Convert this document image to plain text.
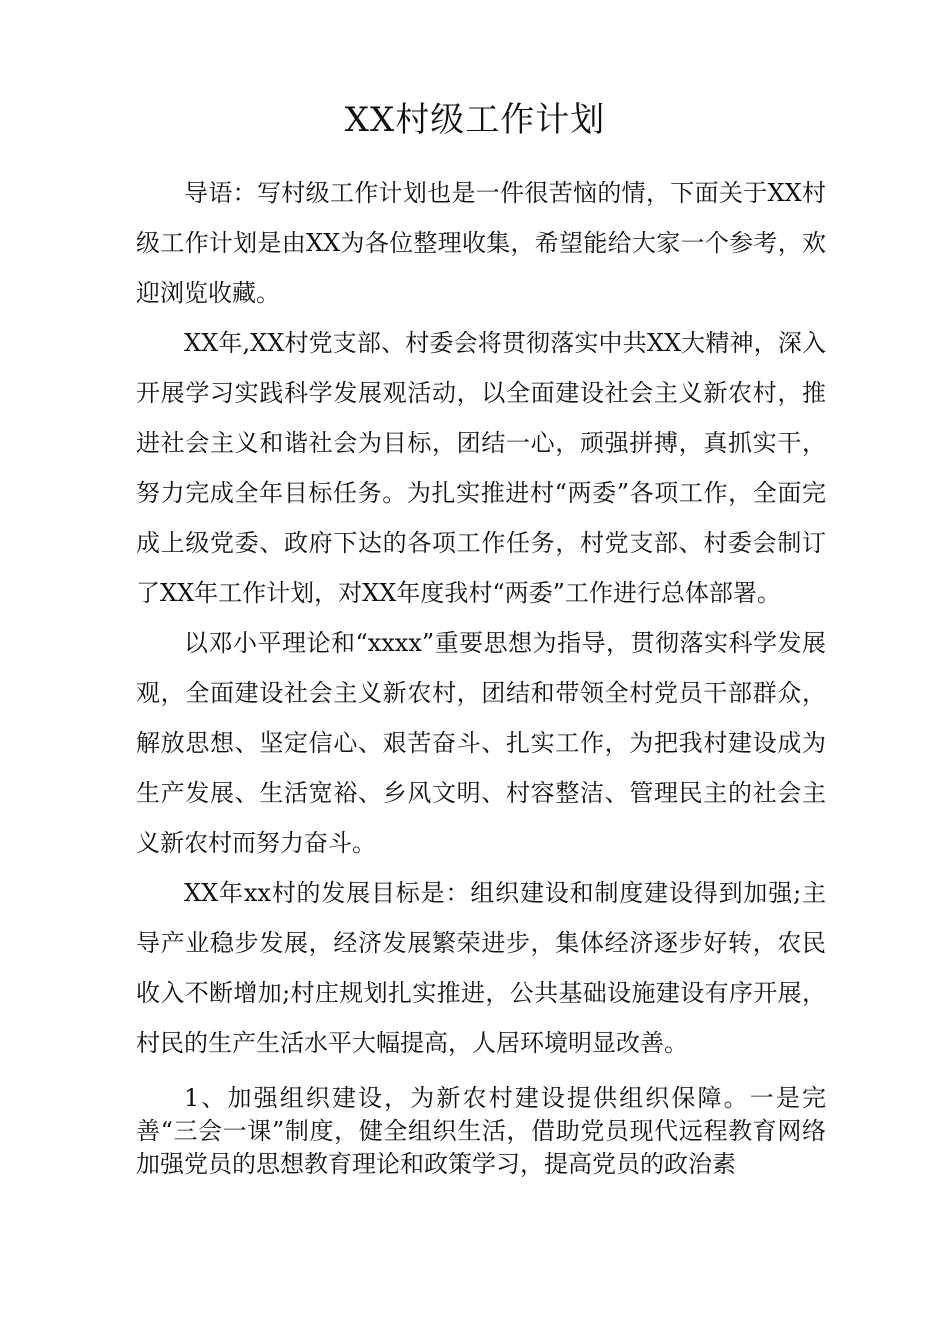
XX村级工作计划

导语：写村级工作计划也是一件很苦恼的情，下面关于XX村级工作计划是由XX为各位整理收集，希望能给大家一个参考，欢迎浏览收藏。

XX年,XX村党支部、村委会将贯彻落实中共XX大精神，深入开展学习实践科学发展观活动，以全面建设社会主义新农村，推进社会主义和谐社会为目标，团结一心，顽强拼搏，真抓实干，努力完成全年目标任务。为扎实推进村“两委”各项工作，全面完成上级党委、政府下达的各项工作任务，村党支部、村委会制订了XX年工作计划，对XX年度我村“两委”工作进行总体部署。

以邓小平理论和“xxxx”重要思想为指导，贯彻落实科学发展观，全面建设社会主义新农村，团结和带领全村党员干部群众，解放思想、坚定信心、艰苦奋斗、扎实工作，为把我村建设成为生产发展、生活宽裕、乡风文明、村容整洁、管理民主的社会主义新农村而努力奋斗。

XX年xx村的发展目标是：组织建设和制度建设得到加强;主导产业稳步发展，经济发展繁荣进步，集体经济逐步好转，农民收入不断增加;村庄规划扎实推进，公共基础设施建设有序开展，村民的生产生活水平大幅提高，人居环境明显改善。

1、加强组织建设，为新农村建设提供组织保障。一是完善“三会一课”制度，健全组织生活，借助党员现代远程教育网络加强党员的思想教育理论和政策学习，提高党员的政治素
